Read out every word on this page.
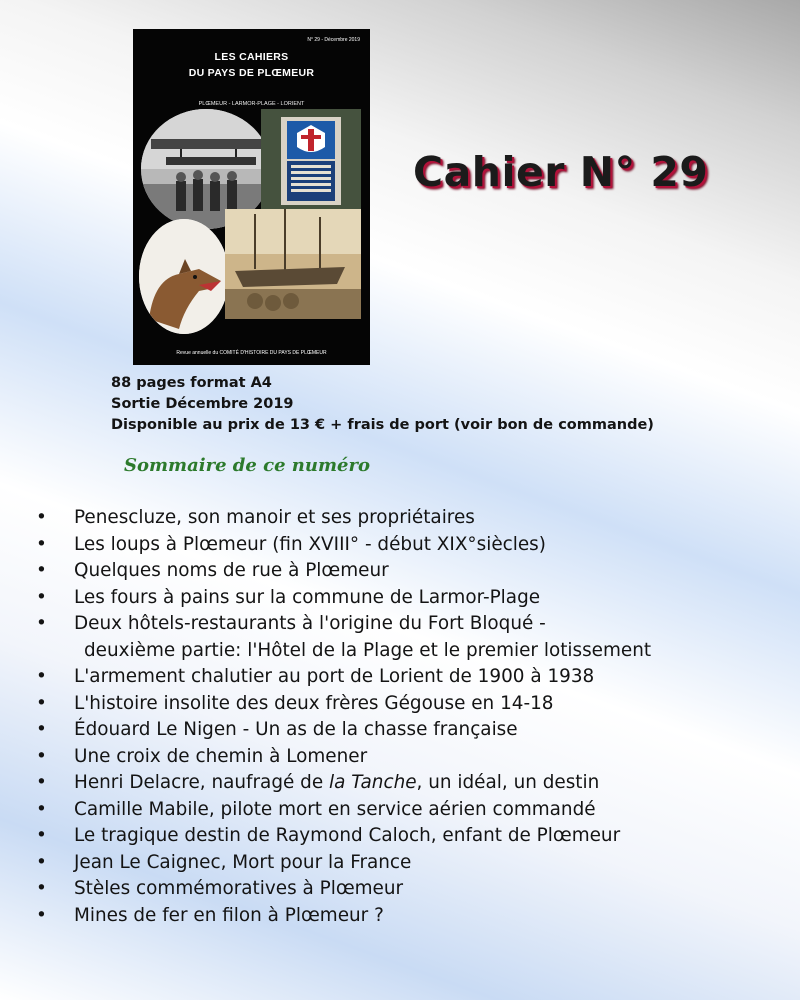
N° 29 - Décembre 2019
LES CAHIERS
DU PAYS DE PLŒMEUR
PLŒMEUR - LARMOR-PLAGE - LORIENT
Revue annuelle du COMITÉ D'HISTOIRE DU PAYS DE PLŒMEUR
Cahier N° 29
88 pages format A4
Sortie Décembre 2019
Disponible au prix de 13 € + frais de port (voir bon de commande)
Sommaire de ce numéro
• Penescluze, son manoir et ses propriétaires
• Les loups à Plœmeur (fin XVIII° - début XIX°siècles)
• Quelques noms de rue à Plœmeur
• Les fours à pains sur la commune de Larmor-Plage
• Deux hôtels-restaurants à l'origine du Fort Bloqué -
deuxième partie: l'Hôtel de la Plage et le premier lotissement
• L'armement chalutier au port de Lorient de 1900 à 1938
• L'histoire insolite des deux frères Gégouse en 14-18
• Édouard Le Nigen - Un as de la chasse française
• Une croix de chemin à Lomener
• Henri Delacre, naufragé de la Tanche, un idéal, un destin
• Camille Mabile, pilote mort en service aérien commandé
• Le tragique destin de Raymond Caloch, enfant de Plœmeur
• Jean Le Caignec, Mort pour la France
• Stèles commémoratives à Plœmeur
• Mines de fer en filon à Plœmeur ?
